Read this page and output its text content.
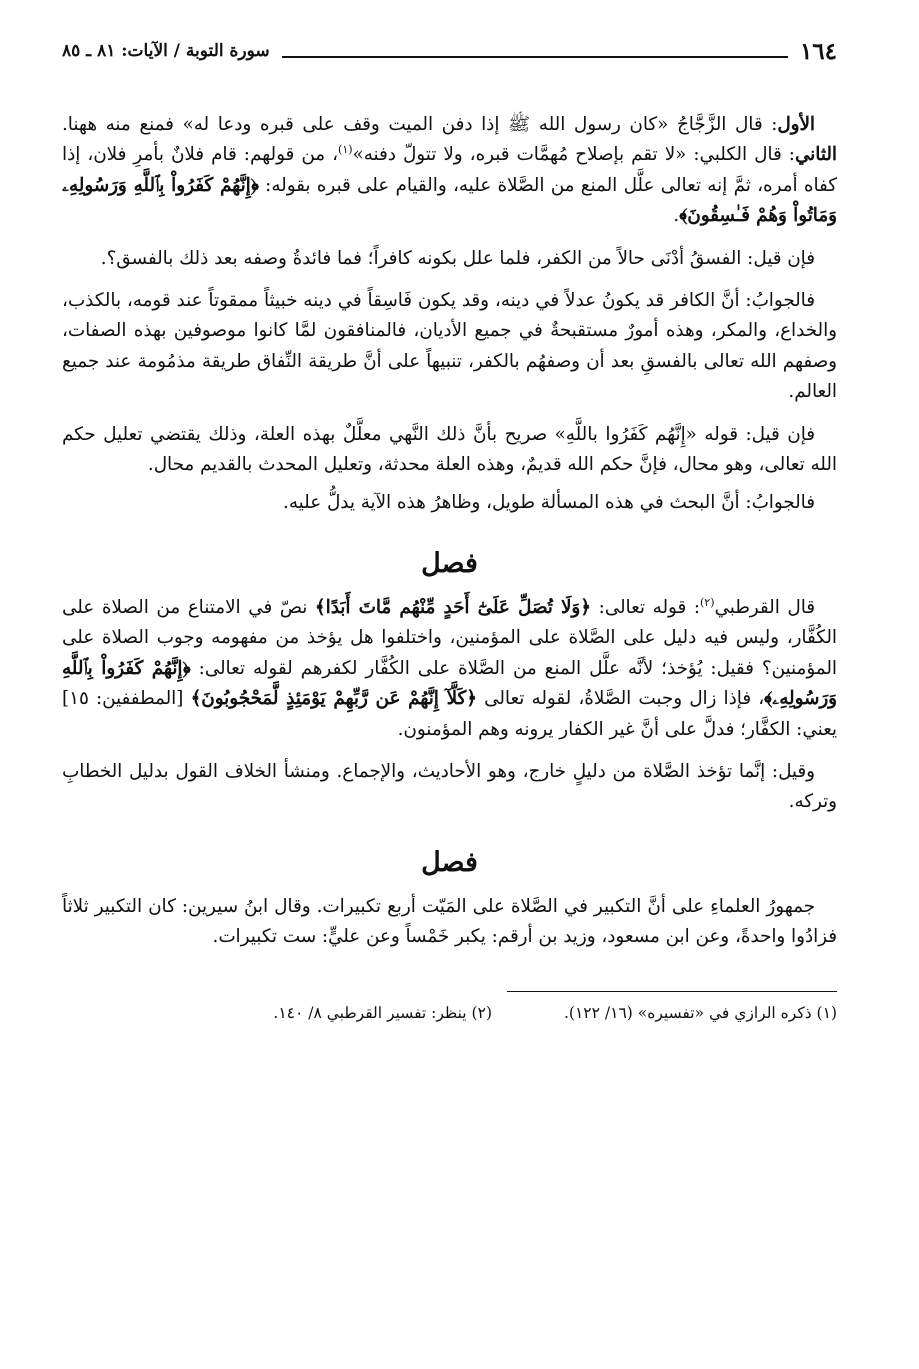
١٦٤
سورة التوبة / الآيات: ٨١ ـ ٨٥

الأول: قال الزَّجَّاجُ «كان رسول الله ﷺ إذا دفن الميت وقف على قبره ودعا له» فمنع منه ههنا. الثاني: قال الكلبي: «لا تقم بإصلاح مُهمَّات قبره، ولا تتولّ دفنه»$^{(١)}$، من قولهم: قام فلانٌ بأمرِ فلان، إذا كفاه أمره، ثمَّ إنه تعالى علَّل المنع من الصَّلاة عليه، والقيام على قبره بقوله: ﴿إِنَّهُمْ كَفَرُواْ بِٱللَّهِ وَرَسُولِهِۦ وَمَاتُواْ وَهُمْ فَـٰسِقُونَ﴾.

فإن قيل: الفسقُ أدْنَى حالاً من الكفر، فلما علل بكونه كافراً؛ فما فائدةُ وصفه بعد ذلك بالفسق؟.

فالجوابُ: أنَّ الكافر قد يكونُ عدلاً في دينه، وقد يكون فَاسِقاً في دينه خبيثاً ممقوتاً عند قومه، بالكذب، والخداع، والمكر، وهذه أمورٌ مستقبحةٌ في جميع الأديان، فالمنافقون لمَّا كانوا موصوفين بهذه الصفات، وصفهم الله تعالى بالفسقِ بعد أن وصفهُم بالكفر، تنبيهاً على أنَّ طريقة النِّفاق طريقة مذمُومة عند جميع العالم.

فإن قيل: قوله «إِنَّهُم كَفَرُوا باللَّهِ» صريح بأنَّ ذلك النَّهي معلَّلٌ بهذه العلة، وذلك يقتضي تعليل حكم الله تعالى، وهو محال، فإنَّ حكم الله قديمٌ، وهذه العلة محدثة، وتعليل المحدث بالقديم محال.

فالجوابُ: أنَّ البحث في هذه المسألة طويل، وظاهرُ هذه الآية يدلُّ عليه.

فصل

قال القرطبي$^{(٢)}$: قوله تعالى: ﴿وَلَا تُصَلِّ عَلَىٰٓ أَحَدٍ مِّنْهُم مَّاتَ أَبَدًا﴾ نصّ في الامتناع من الصلاة على الكُفَّار، وليس فيه دليل على الصَّلاة على المؤمنين، واختلفوا هل يؤخذ من مفهومه وجوب الصلاة على المؤمنين؟ فقيل: يُؤخذ؛ لأنَّه علَّل المنع من الصَّلاة على الكُفَّار لكفرهم لقوله تعالى: ﴿إِنَّهُمْ كَفَرُواْ بِٱللَّهِ وَرَسُولِهِۦ﴾، فإذا زال وجبت الصَّلاةُ، لقوله تعالى ﴿كَلَّآ إِنَّهُمْ عَن رَّبِّهِمْ يَوْمَئِذٍ لَّمَحْجُوبُونَ﴾ [المطففين: ١٥] يعني: الكفَّار؛ فدلَّ على أنَّ غير الكفار يرونه وهم المؤمنون.

وقيل: إنَّما تؤخذ الصَّلاة من دليلٍ خارج، وهو الأحاديث، والإجماع. ومنشأ الخلاف القول بدليل الخطابِ وتركه.

فصل

جمهورُ العلماءِ على أنَّ التكبير في الصَّلاة على المَيّت أربع تكبيرات. وقال ابنُ سيرين: كان التكبير ثلاثاً فزادُوا واحدةً، وعن ابن مسعود، وزيد بن أرقم: يكبر خَمْساً وعن عليٍّ: ست تكبيرات.

(١) ذكره الرازي في «تفسيره» (١٦/ ١٢٢).
(٢) ينظر: تفسير القرطبي ٨/ ١٤٠.
